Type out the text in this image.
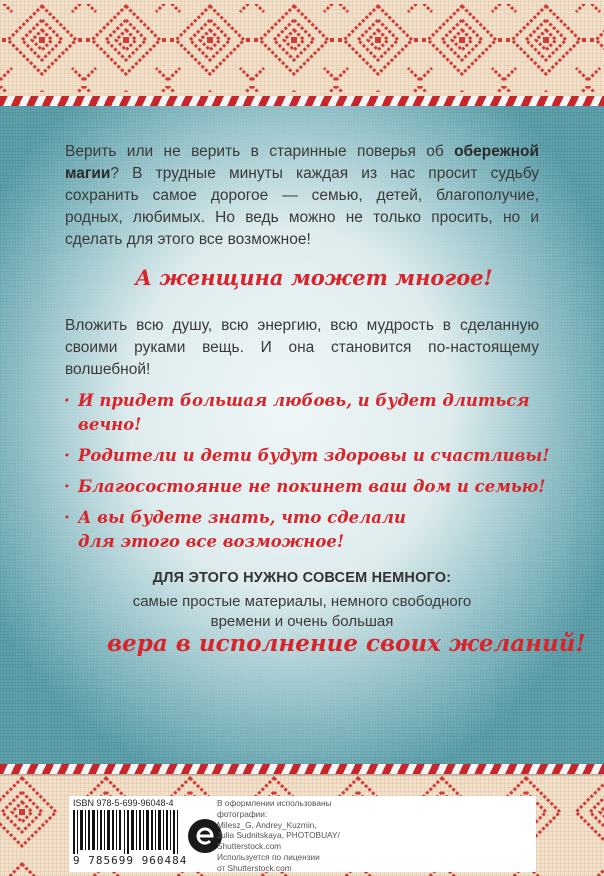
Верить или не верить в старинные поверья об обережной магии? В трудные минуты каждая из нас просит судьбу сохранить самое дорогое — семью, детей, благополучие, родных, любимых. Но ведь можно не только просить, но и сделать для этого все возможное!

А женщина может многое!

Вложить всю душу, всю энергию, всю мудрость в сделанную своими руками вещь. И она становится по-настоящему волшебной!

· И придет большая любовь, и будет длиться вечно!
· Родители и дети будут здоровы и счастливы!
· Благосостояние не покинет ваш дом и семью!
· А вы будете знать, что сделали для этого все возможное!
ДЛЯ ЭТОГО НУЖНО СОВСЕМ НЕМНОГО:
самые простые материалы, немного свободного
времени и очень большая
вера в исполнение своих желаний!
ISBN 978-5-699-96048-4
9 785699 960484
В оформлении использованы
фотографии:
Milesz_G, Andrey_Kuzmin,
Julia Sudnitskaya, PHOTOBUAY/
Shutterstock.com
Используется по лицензии
от Shutterstock.com
